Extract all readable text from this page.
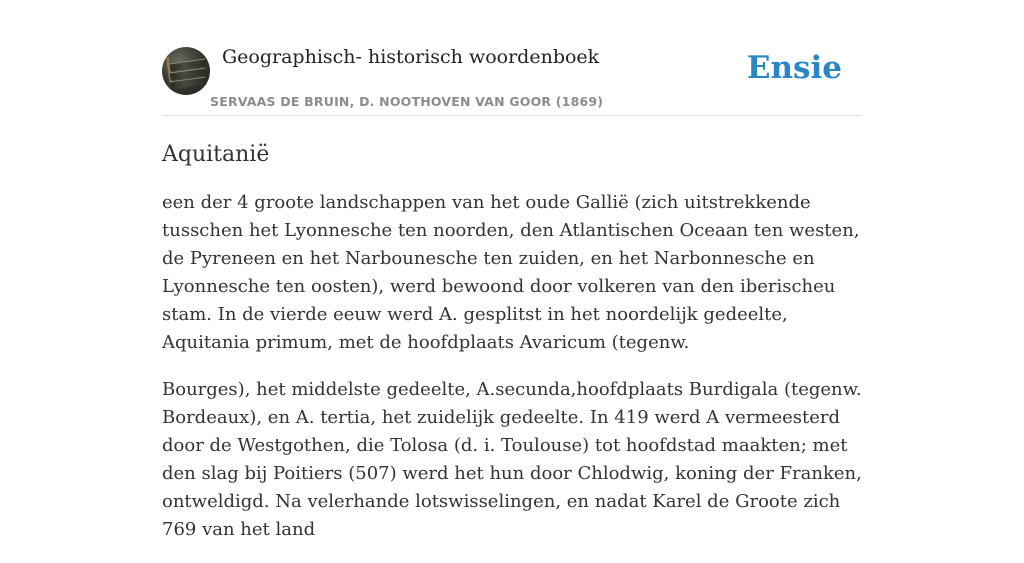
Geographisch- historisch woordenboek
SERVAAS DE BRUIN, D. NOOTHOVEN VAN GOOR (1869)
Ensie
Aquitanië

een der 4 groote landschappen van het oude Gallië (zich uitstrekkende tusschen het Lyonnesche ten noorden, den Atlantischen Oceaan ten westen, de Pyreneen en het Narbounesche ten zuiden, en het Narbonnesche en Lyonnesche ten oosten), werd bewoond door volkeren van den iberischeu stam. In de vierde eeuw werd A. gesplitst in het noordelijk gedeelte, Aquitania primum, met de hoofdplaats Avaricum (tegenw.

Bourges), het middelste gedeelte, A.secunda,hoofdplaats Burdigala (tegenw. Bordeaux), en A. tertia, het zuidelijk gedeelte. In 419 werd A vermeesterd door de Westgothen, die Tolosa (d. i. Toulouse) tot hoofdstad maakten; met den slag bij Poitiers (507) werd het hun door Chlodwig, koning der Franken, ontweldigd. Na velerhande lotswisselingen, en nadat Karel de Groote zich 769 van het land
